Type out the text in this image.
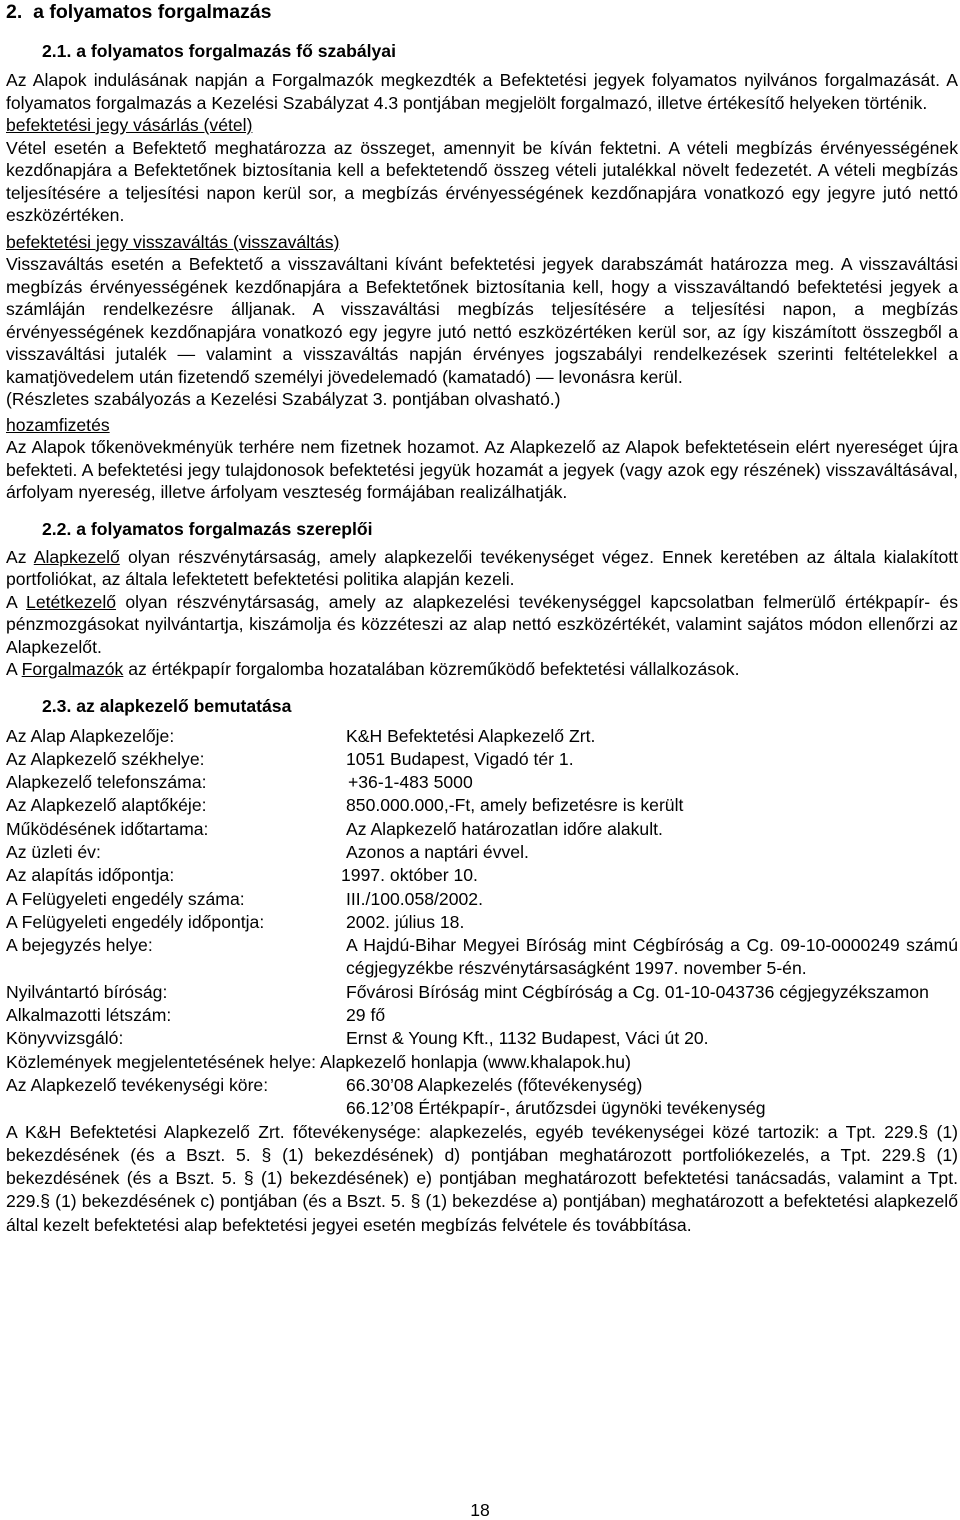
2.  a folyamatos forgalmazás
2.1. a folyamatos forgalmazás fő szabályai
Az Alapok indulásának napján a Forgalmazók megkezdték a Befektetési jegyek folyamatos nyilvános forgalmazását. A folyamatos forgalmazás a Kezelési Szabályzat 4.3 pontjában megjelölt forgalmazó, illetve értékesítő helyeken történik.
befektetési jegy vásárlás (vétel)
Vétel esetén a Befektető meghatározza az összeget, amennyit be kíván fektetni. A vételi megbízás érvényességének kezdőnapjára a Befektetőnek biztosítania kell a befektetendő összeg vételi jutalékkal növelt fedezetét. A vételi megbízás teljesítésére a teljesítési napon kerül sor, a megbízás érvényességének kezdőnapjára vonatkozó egy jegyre jutó nettó eszközértéken.
befektetési jegy visszaváltás (visszaváltás)
Visszaváltás esetén a Befektető a visszaváltani kívánt befektetési jegyek darabszámát határozza meg. A visszaváltási megbízás érvényességének kezdőnapjára a Befektetőnek biztosítania kell, hogy a visszaváltandó befektetési jegyek a számláján rendelkezésre álljanak. A visszaváltási megbízás teljesítésére a teljesítési napon, a megbízás érvényességének kezdőnapjára vonatkozó egy jegyre jutó nettó eszközértéken kerül sor, az így kiszámított összegből a visszaváltási jutalék — valamint a visszaváltás napján érvényes jogszabályi rendelkezések szerinti feltételekkel a kamatjövedelem után fizetendő személyi jövedelemadó (kamatadó) — levonásra kerül.
(Részletes szabályozás a Kezelési Szabályzat 3. pontjában olvasható.)
hozamfizetés
Az Alapok tőkenövekményük terhére nem fizetnek hozamot. Az Alapkezelő az Alapok befektetésein elért nyereséget újra befekteti. A befektetési jegy tulajdonosok befektetési jegyük hozamát a jegyek (vagy azok egy részének) visszaváltásával, árfolyam nyereség, illetve árfolyam veszteség formájában realizálhatják.
2.2. a folyamatos forgalmazás szereplői
Az Alapkezelő olyan részvénytársaság, amely alapkezelői tevékenységet végez. Ennek keretében az általa kialakított portfoliókat, az általa lefektetett befektetési politika alapján kezeli.
A Letétkezelő olyan részvénytársaság, amely az alapkezelési tevékenységgel kapcsolatban felmerülő értékpapír- és pénzmozgásokat nyilvántartja, kiszámolja és közzéteszi az alap nettó eszközértékét, valamint sajátos módon ellenőrzi az Alapkezelőt.
A Forgalmazók az értékpapír forgalomba hozatalában közreműködő befektetési vállalkozások.
2.3. az alapkezelő bemutatása
Az Alap Alapkezelője:	K&H Befektetési Alapkezelő Zrt.
Az Alapkezelő székhelye:	1051 Budapest, Vigadó tér 1.
Alapkezelő telefonszáma:	+36-1-483 5000
Az Alapkezelő alaptőkéje:	850.000.000,-Ft, amely befizetésre is került
Működésének időtartama:	Az Alapkezelő határozatlan időre alakult.
Az üzleti év:	Azonos a naptári évvel.
Az alapítás időpontja:	1997. október 10.
A Felügyeleti engedély száma:	III./100.058/2002.
A Felügyeleti engedély időpontja:	2002. július 18.
A bejegyzés helye:	A Hajdú-Bihar Megyei Bíróság mint Cégbíróság a Cg. 09-10-0000249 számú cégjegyzékbe részvénytársaságként 1997. november 5-én.
Nyilvántartó bíróság:	Fővárosi Bíróság mint Cégbíróság a Cg. 01-10-043736 cégjegyzékszamon
Alkalmazotti létszám:	29 fő
Könyvvizsgáló:	Ernst & Young Kft., 1132 Budapest, Váci út 20.
Közlemények megjelentetésének helye: Alapkezelő honlapja (www.khalapok.hu)
Az Alapkezelő tevékenységi köre:	66.30’08 Alapkezelés (főtevékenység)
66.12’08 Értékpapír-, árutőzsdei ügynöki tevékenység
A K&H Befektetési Alapkezelő Zrt. főtevékenysége: alapkezelés, egyéb tevékenységei közé tartozik: a Tpt. 229.§ (1) bekezdésének (és a Bszt. 5. § (1) bekezdésének) d) pontjában meghatározott portfoliókezelés, a Tpt. 229.§ (1) bekezdésének (és a Bszt. 5. § (1) bekezdésének) e) pontjában meghatározott befektetési tanácsadás, valamint a Tpt. 229.§ (1) bekezdésének c) pontjában (és a Bszt. 5. § (1) bekezdése a) pontjában) meghatározott a befektetési alapkezelő által kezelt befektetési alap befektetési jegyei esetén megbízás felvétele és továbbítása.
18
